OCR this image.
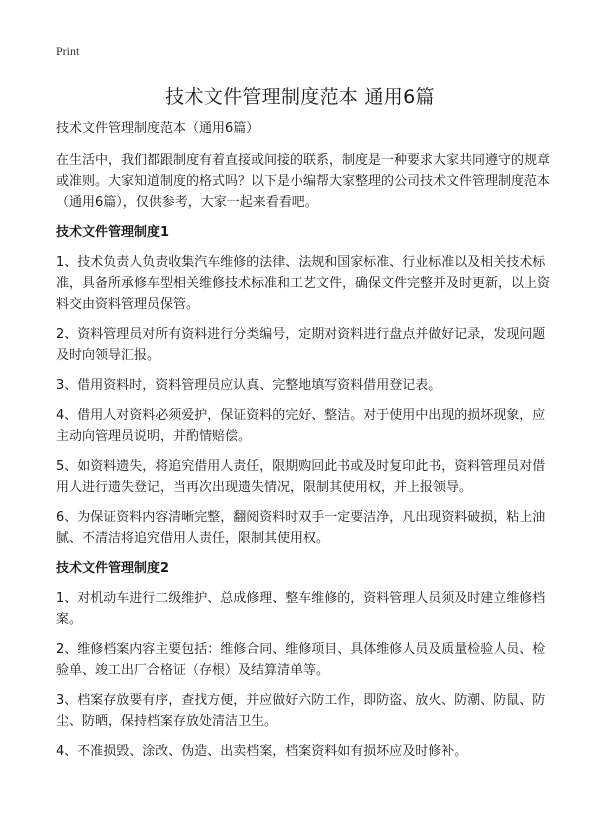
Print
技术文件管理制度范本 通用6篇

技术文件管理制度范本（通用6篇）

在生活中，我们都跟制度有着直接或间接的联系，制度是一种要求大家共同遵守的规章或准则。大家知道制度的格式吗？以下是小编帮大家整理的公司技术文件管理制度范本（通用6篇），仅供参考，大家一起来看看吧。

技术文件管理制度1

1、技术负责人负责收集汽车维修的法律、法规和国家标准、行业标准以及相关技术标准，具备所承修车型相关维修技术标准和工艺文件，确保文件完整并及时更新，以上资料交由资料管理员保管。

2、资料管理员对所有资料进行分类编号，定期对资料进行盘点并做好记录，发现问题及时向领导汇报。

3、借用资料时，资料管理员应认真、完整地填写资料借用登记表。

4、借用人对资料必须爱护，保证资料的完好、整洁。对于使用中出现的损坏现象，应主动向管理员说明，并酌情赔偿。

5、如资料遗失，将追究借用人责任，限期购回此书或及时复印此书，资料管理员对借用人进行遗失登记，当再次出现遗失情况，限制其使用权，并上报领导。

6、为保证资料内容清晰完整，翻阅资料时双手一定要洁净，凡出现资料破损，粘上油腻、不清洁将追究借用人责任，限制其使用权。

技术文件管理制度2

1、对机动车进行二级维护、总成修理、整车维修的，资料管理人员须及时建立维修档案。

2、维修档案内容主要包括：维修合同、维修项目、具体维修人员及质量检验人员、检验单、竣工出厂合格证（存根）及结算清单等。

3、档案存放要有序，查找方便，并应做好六防工作，即防盗、放火、防潮、防鼠、防尘、防晒，保持档案存放处清洁卫生。

4、不准损毁、涂改、伪造、出卖档案，档案资料如有损坏应及时修补。
